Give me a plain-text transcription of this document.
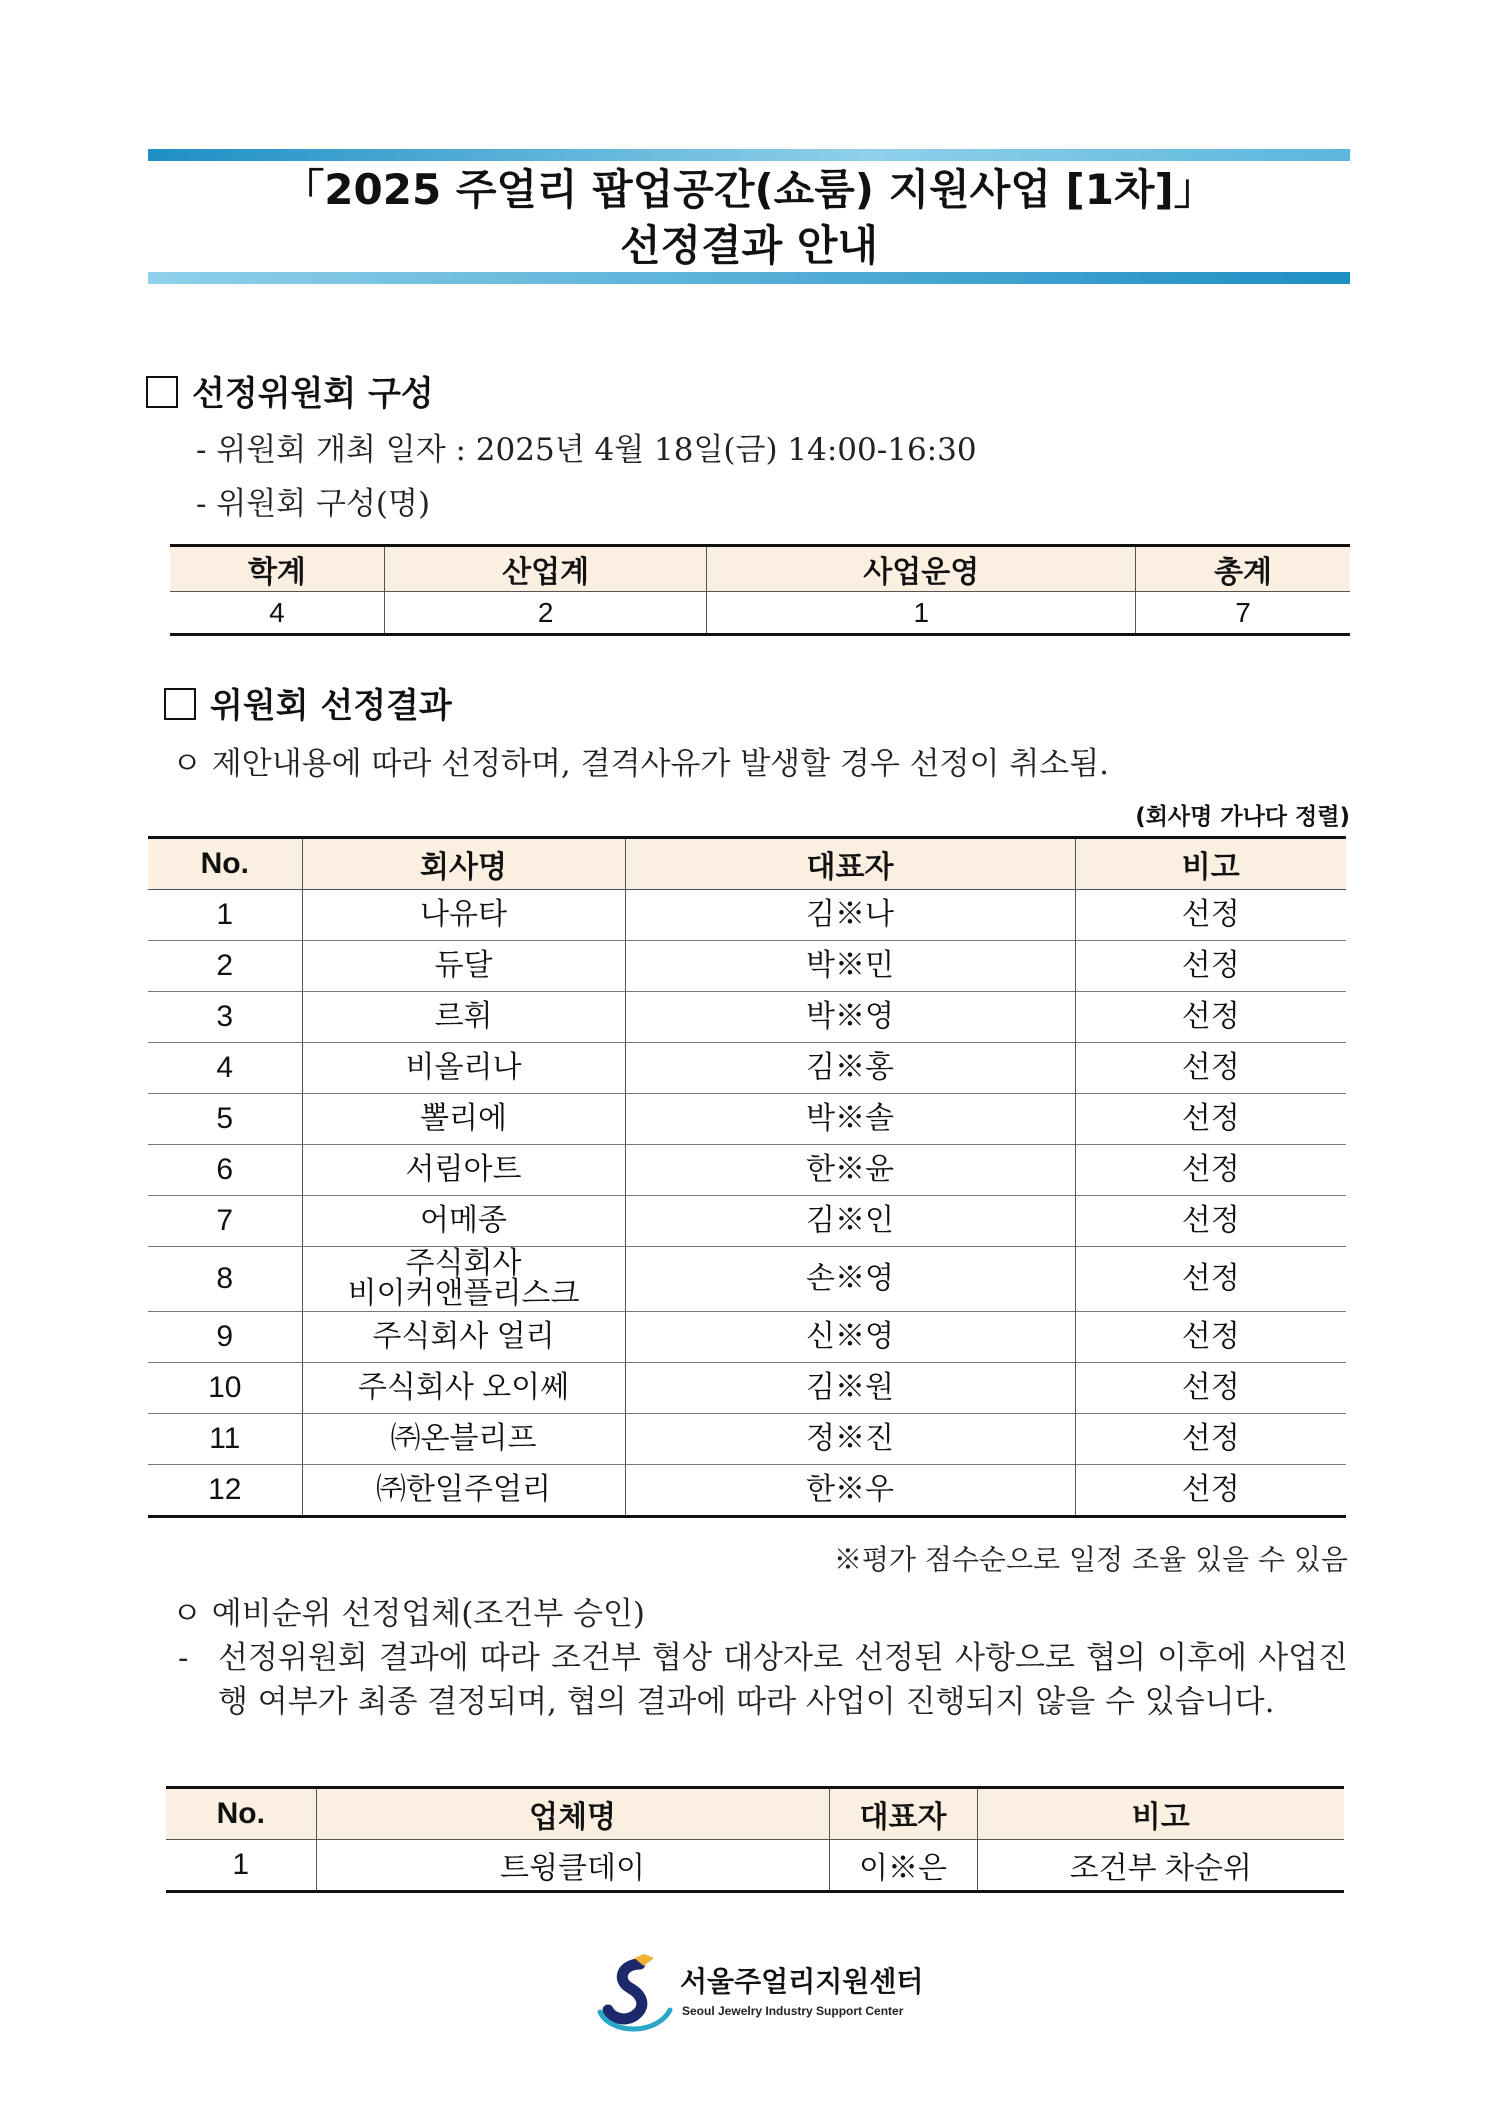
「2025 주얼리 팝업공간(쇼룸) 지원사업 [1차]」
선정결과 안내
선정위원회 구성
- 위원회 개최 일자 : 2025년 4월 18일(금) 14:00-16:30
- 위원회 구성(명)
학계	산업계	사업운영	총계
4	2	1	7
위원회 선정결과
ㅇ 제안내용에 따라 선정하며, 결격사유가 발생할 경우 선정이 취소됨.
(회사명 가나다 정렬)
No.	회사명	대표자	비고
1	나유타	김※나	선정
2	듀달	박※민	선정
3	르휘	박※영	선정
4	비올리나	김※홍	선정
5	뽈리에	박※솔	선정
6	서림아트	한※윤	선정
7	어메종	김※인	선정
8	주식회사
비이커앤플리스크	손※영	선정
9	주식회사 얼리	신※영	선정
10	주식회사 오이쎄	김※원	선정
11	㈜온블리프	정※진	선정
12	㈜한일주얼리	한※우	선정
※평가 점수순으로 일정 조율 있을 수 있음
ㅇ 예비순위 선정업체(조건부 승인)
- 선정위원회 결과에 따라 조건부 협상 대상자로 선정된 사항으로 협의 이후에 사업진행 여부가 최종 결정되며, 협의 결과에 따라 사업이 진행되지 않을 수 있습니다.
No.	업체명	대표자	비고
1	트윙클데이	이※은	조건부 차순위
서울주얼리지원센터
Seoul Jewelry Industry Support Center
